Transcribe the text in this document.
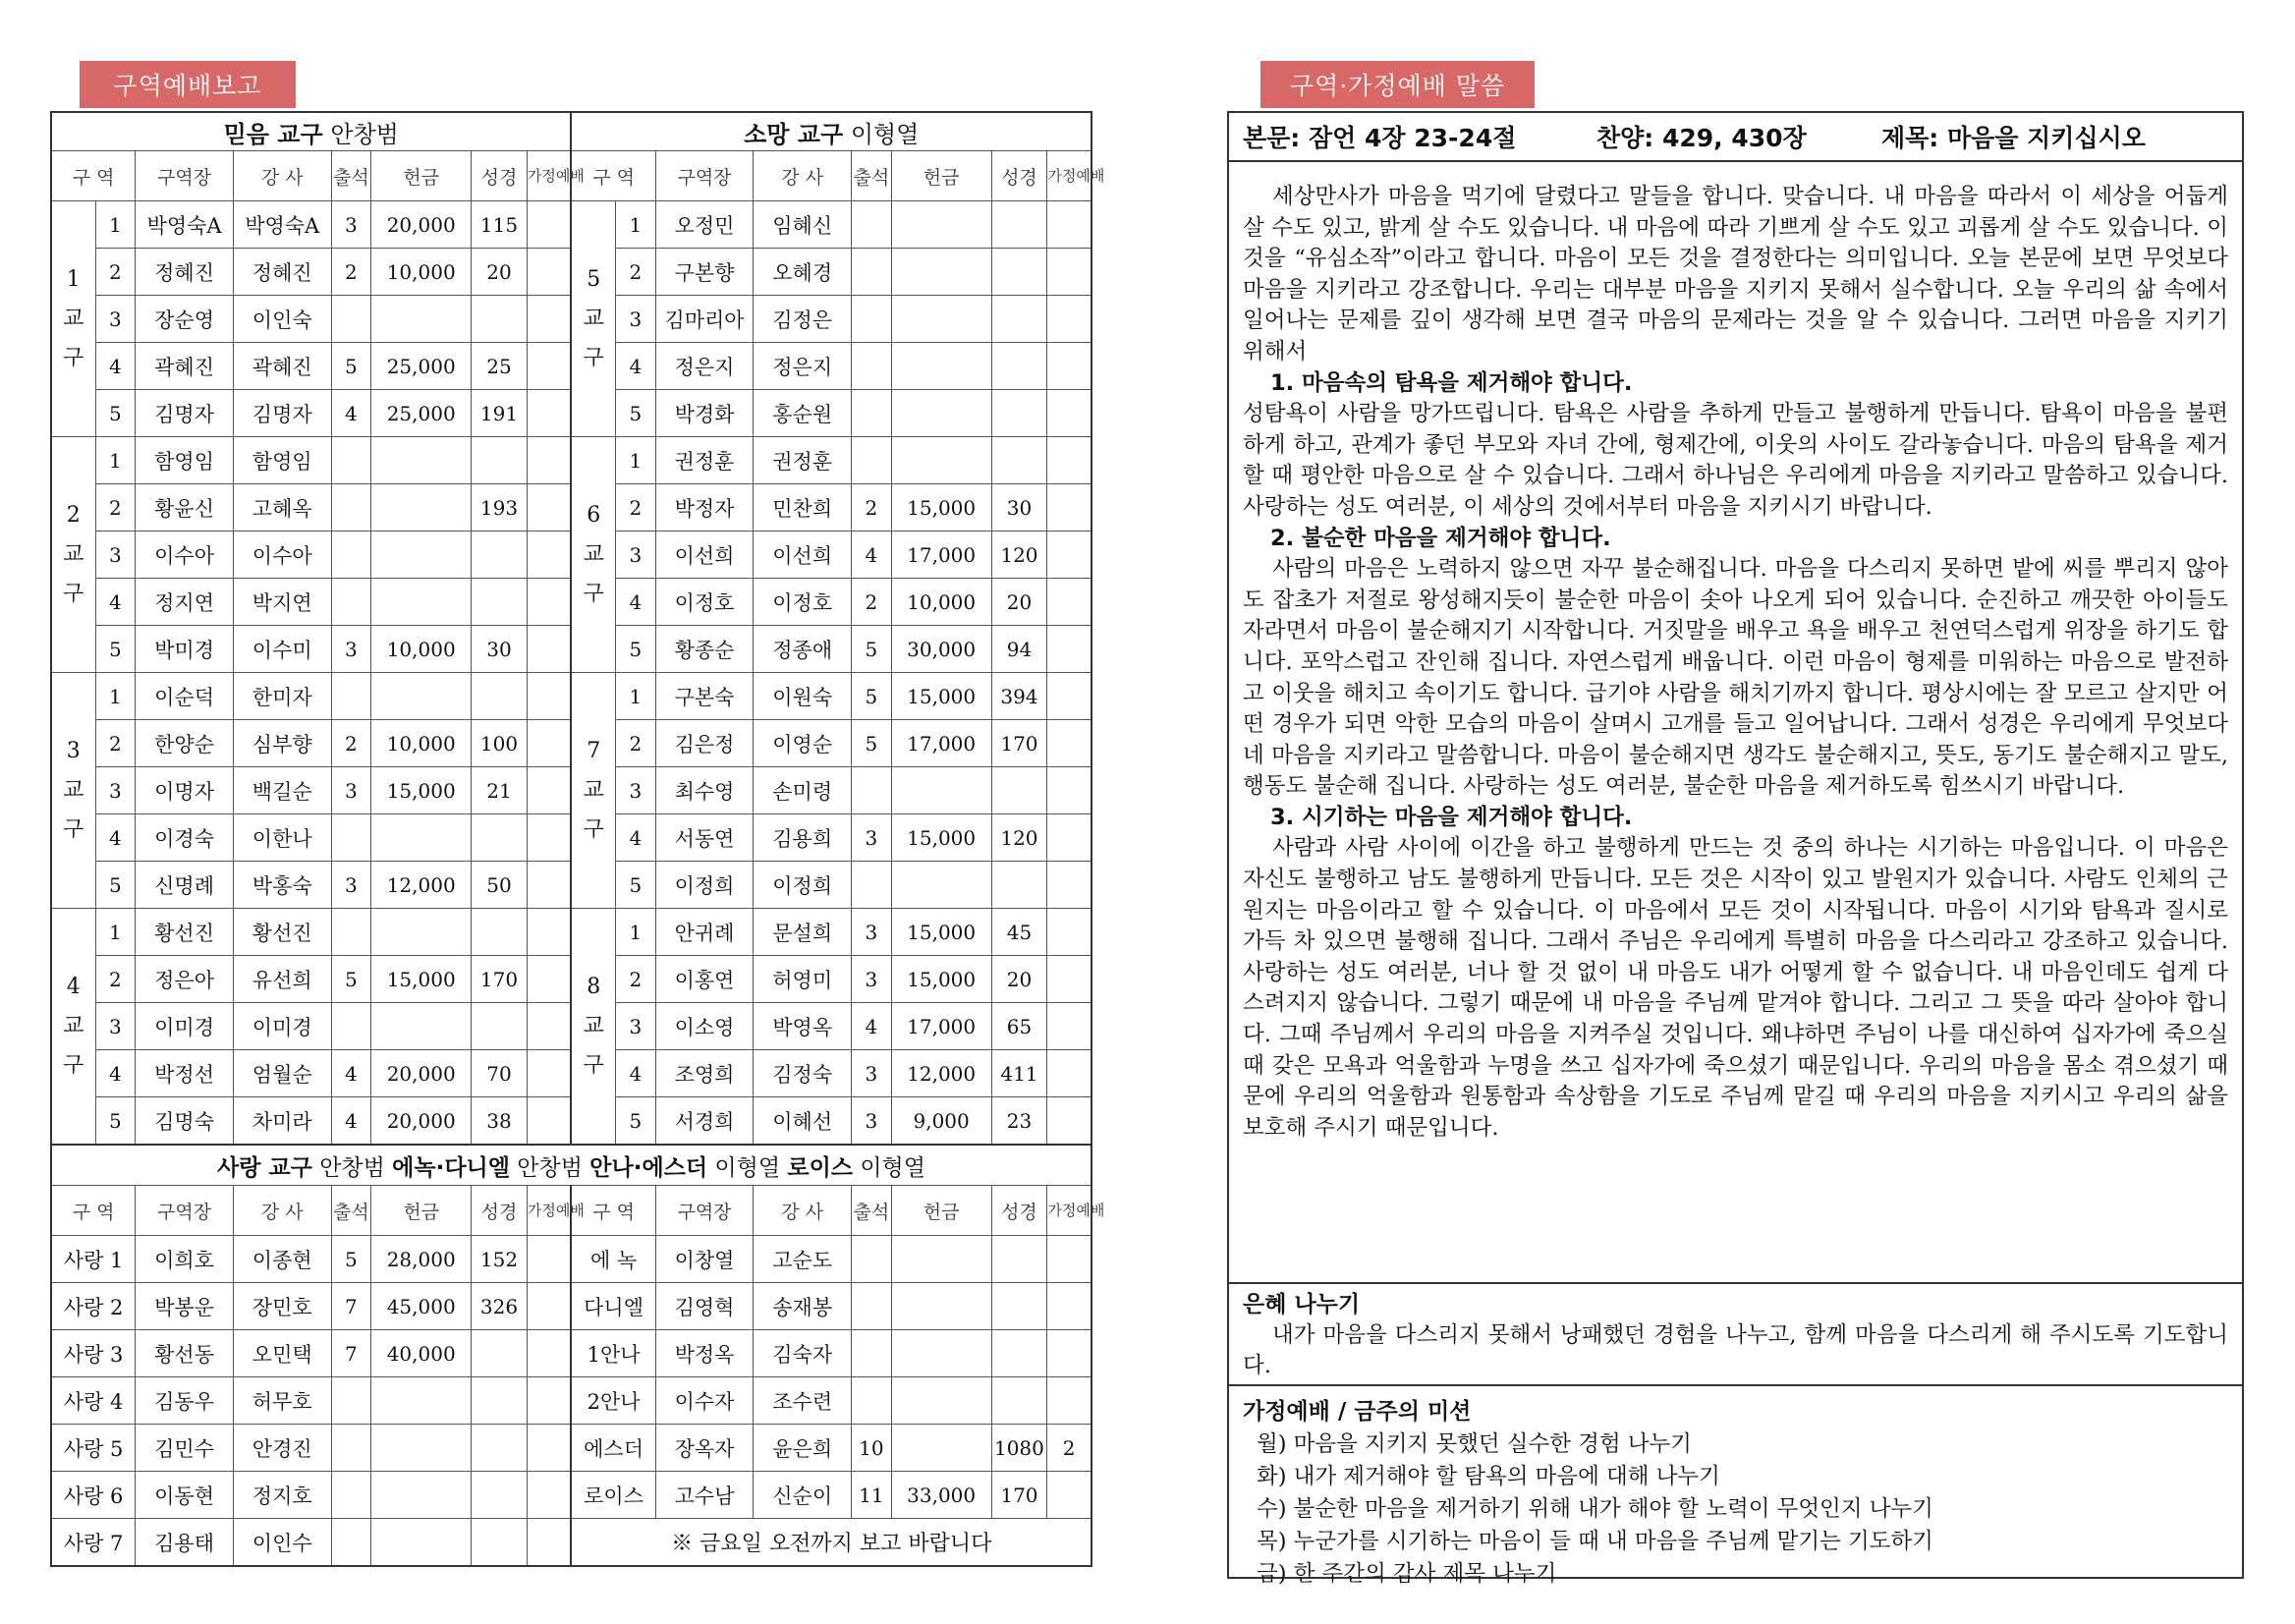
구역예배보고	구역·가정예배 말씀
믿음 교구 안창범								소망 교구 이형열							
구 역		구역장	강 사	출석	헌금	성경	가정예배	구 역		구역장	강 사	출석	헌금	성경	가정예배
1교구	1	박영숙A	박영숙A	3	20,000	115		5교구	1	오정민	임혜신				
	2	정혜진	정혜진	2	10,000	20			2	구본향	오혜경				
	3	장순영	이인숙						3	김마리아	김정은				
	4	곽혜진	곽혜진	5	25,000	25			4	정은지	정은지				
	5	김명자	김명자	4	25,000	191			5	박경화	홍순원				
2교구	1	함영임	함영임					6교구	1	권정훈	권정훈				
	2	황윤신	고혜옥			193			2	박정자	민찬희	2	15,000	30	
	3	이수아	이수아						3	이선희	이선희	4	17,000	120	
	4	정지연	박지연						4	이정호	이정호	2	10,000	20	
	5	박미경	이수미	3	10,000	30			5	황종순	정종애	5	30,000	94	
3교구	1	이순덕	한미자					7교구	1	구본숙	이원숙	5	15,000	394	
	2	한양순	심부향	2	10,000	100			2	김은정	이영순	5	17,000	170	
	3	이명자	백길순	3	15,000	21			3	최수영	손미령				
	4	이경숙	이한나						4	서동연	김용희	3	15,000	120	
	5	신명례	박홍숙	3	12,000	50			5	이정희	이정희				
4교구	1	황선진	황선진					8교구	1	안귀례	문설희	3	15,000	45	
	2	정은아	유선희	5	15,000	170			2	이홍연	허영미	3	15,000	20	
	3	이미경	이미경						3	이소영	박영옥	4	17,000	65	
	4	박정선	엄월순	4	20,000	70			4	조영희	김정숙	3	12,000	411	
	5	김명숙	차미라	4	20,000	38			5	서경희	이혜선	3	9,000	23	
사랑 교구 안창범 에녹·다니엘 안창범 안나·에스더 이형열 로이스 이형열															
구 역		구역장	강 사	출석	헌금	성경	가정예배	구 역		구역장	강 사	출석	헌금	성경	가정예배
사랑 1		이희호	이종현	5	28,000	152		에 녹		이창열	고순도				
사랑 2		박봉운	장민호	7	45,000	326		다니엘		김영혁	송재봉				
사랑 3		황선동	오민택	7	40,000			1안나		박정옥	김숙자				
사랑 4		김동우	허무호					2안나		이수자	조수련				
사랑 5		김민수	안경진					에스더		장옥자	윤은희	10		1080	2
사랑 6		이동현	정지호					로이스		고수남	신순이	11	33,000	170	
사랑 7		김용태	이인수					※ 금요일 오전까지 보고 바랍니다							
본문: 잠언 4장 23-24절	찬양: 429, 430장	제목: 마음을 지키십시오

세상만사가 마음을 먹기에 달렸다고 말들을 합니다. 맞습니다. 내 마음을 따라서 이 세상을 어둡게 살 수도 있고, 밝게 살 수도 있습니다. 내 마음에 따라 기쁘게 살 수도 있고 괴롭게 살 수도 있습니다. 이것을 “유심소작”이라고 합니다. 마음이 모든 것을 결정한다는 의미입니다. 오늘 본문에 보면 무엇보다 마음을 지키라고 강조합니다. 우리는 대부분 마음을 지키지 못해서 실수합니다. 오늘 우리의 삶 속에서 일어나는 문제를 깊이 생각해 보면 결국 마음의 문제라는 것을 알 수 있습니다. 그러면 마음을 지키기 위해서

1. 마음속의 탐욕을 제거해야 합니다.

성탐욕이 사람을 망가뜨립니다. 탐욕은 사람을 추하게 만들고 불행하게 만듭니다. 탐욕이 마음을 불편하게 하고, 관계가 좋던 부모와 자녀 간에, 형제간에, 이웃의 사이도 갈라놓습니다. 마음의 탐욕을 제거할 때 평안한 마음으로 살 수 있습니다. 그래서 하나님은 우리에게 마음을 지키라고 말씀하고 있습니다. 사랑하는 성도 여러분, 이 세상의 것에서부터 마음을 지키시기 바랍니다.

2. 불순한 마음을 제거해야 합니다.

사람의 마음은 노력하지 않으면 자꾸 불순해집니다. 마음을 다스리지 못하면 밭에 씨를 뿌리지 않아도 잡초가 저절로 왕성해지듯이 불순한 마음이 솟아 나오게 되어 있습니다. 순진하고 깨끗한 아이들도 자라면서 마음이 불순해지기 시작합니다. 거짓말을 배우고 욕을 배우고 천연덕스럽게 위장을 하기도 합니다. 포악스럽고 잔인해 집니다. 자연스럽게 배웁니다. 이런 마음이 형제를 미워하는 마음으로 발전하고 이웃을 해치고 속이기도 합니다. 급기야 사람을 해치기까지 합니다. 평상시에는 잘 모르고 살지만 어떤 경우가 되면 악한 모습의 마음이 살며시 고개를 들고 일어납니다. 그래서 성경은 우리에게 무엇보다 네 마음을 지키라고 말씀합니다. 마음이 불순해지면 생각도 불순해지고, 뜻도, 동기도 불순해지고 말도, 행동도 불순해 집니다. 사랑하는 성도 여러분, 불순한 마음을 제거하도록 힘쓰시기 바랍니다.

3. 시기하는 마음을 제거해야 합니다.

사람과 사람 사이에 이간을 하고 불행하게 만드는 것 중의 하나는 시기하는 마음입니다. 이 마음은 자신도 불행하고 남도 불행하게 만듭니다. 모든 것은 시작이 있고 발원지가 있습니다. 사람도 인체의 근원지는 마음이라고 할 수 있습니다. 이 마음에서 모든 것이 시작됩니다. 마음이 시기와 탐욕과 질시로 가득 차 있으면 불행해 집니다. 그래서 주님은 우리에게 특별히 마음을 다스리라고 강조하고 있습니다. 사랑하는 성도 여러분, 너나 할 것 없이 내 마음도 내가 어떻게 할 수 없습니다. 내 마음인데도 쉽게 다스려지지 않습니다. 그렇기 때문에 내 마음을 주님께 맡겨야 합니다. 그리고 그 뜻을 따라 살아야 합니다. 그때 주님께서 우리의 마음을 지켜주실 것입니다. 왜냐하면 주님이 나를 대신하여 십자가에 죽으실 때 갖은 모욕과 억울함과 누명을 쓰고 십자가에 죽으셨기 때문입니다. 우리의 마음을 몸소 겪으셨기 때문에 우리의 억울함과 원통함과 속상함을 기도로 주님께 맡길 때 우리의 마음을 지키시고 우리의 삶을 보호해 주시기 때문입니다.

은혜 나누기

내가 마음을 다스리지 못해서 낭패했던 경험을 나누고, 함께 마음을 다스리게 해 주시도록 기도합니다.

가정예배 / 금주의 미션
월) 마음을 지키지 못했던 실수한 경험 나누기
화) 내가 제거해야 할 탐욕의 마음에 대해 나누기
수) 불순한 마음을 제거하기 위해 내가 해야 할 노력이 무엇인지 나누기
목) 누군가를 시기하는 마음이 들 때 내 마음을 주님께 맡기는 기도하기
금) 한 주간의 감사 제목 나누기
